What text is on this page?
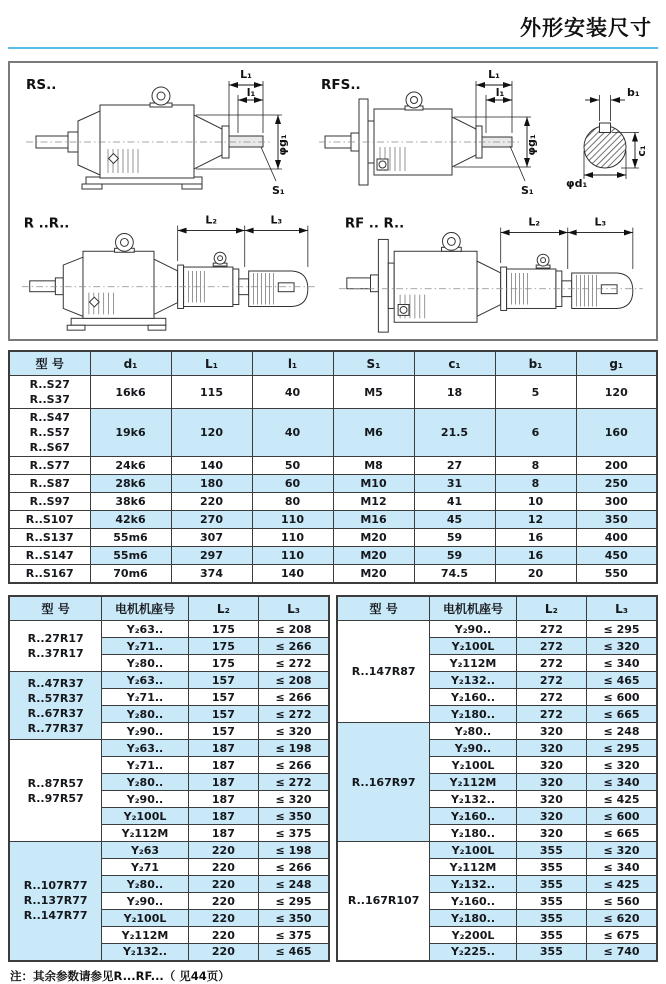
外形安装尺寸
RS..
L₁
l₁
φg₁
S₁
RFS..
L₁
l₁
φg₁
S₁
b₁
c₁
φd₁
R ..R..	L₂	L₃	RF .. R..	L₂	L₃
型 号	d₁	L₁	l₁	S₁	c₁	b₁	g₁

R..S27
R..S37	16k6	115	40	M5	18	5	120

R..S47
R..S57
R..S67	19k6	120	40	M6	21.5	6	160

R..S77	24k6	140	50	M8	27	8	200

R..S87	28k6	180	60	M10	31	8	250

R..S97	38k6	220	80	M12	41	10	300

R..S107	42k6	270	110	M16	45	12	350

R..S137	55m6	307	110	M20	59	16	400

R..S147	55m6	297	110	M20	59	16	450

R..S167	70m6	374	140	M20	74.5	20	550
型 号	电机机座号	L₂	L₃

R..27R17
R..37R17	Y₂63..	175	≤ 208
	Y₂71..	175	≤ 266
	Y₂80..	175	≤ 272

R..47R37
R..57R37
R..67R37
R..77R37	Y₂63..	157	≤ 208
	Y₂71..	157	≤ 266
	Y₂80..	157	≤ 272
	Y₂90..	157	≤ 320

R..87R57
R..97R57	Y₂63..	187	≤ 198
	Y₂71..	187	≤ 266
	Y₂80..	187	≤ 272
	Y₂90..	187	≤ 320
	Y₂100L	187	≤ 350
	Y₂112M	187	≤ 375

R..107R77
R..137R77
R..147R77	Y₂63	220	≤ 198
	Y₂71	220	≤ 266
	Y₂80..	220	≤ 248
	Y₂90..	220	≤ 295
	Y₂100L	220	≤ 350
	Y₂112M	220	≤ 375
	Y₂132..	220	≤ 465
型 号	电机机座号	L₂	L₃

R..147R87	Y₂90..	272	≤ 295
	Y₂100L	272	≤ 320
	Y₂112M	272	≤ 340
	Y₂132..	272	≤ 465
	Y₂160..	272	≤ 600
	Y₂180..	272	≤ 665

R..167R97	Y₂80..	320	≤ 248
	Y₂90..	320	≤ 295
	Y₂100L	320	≤ 320
	Y₂112M	320	≤ 340
	Y₂132..	320	≤ 425
	Y₂160..	320	≤ 600
	Y₂180..	320	≤ 665

R..167R107	Y₂100L	355	≤ 320
	Y₂112M	355	≤ 340
	Y₂132..	355	≤ 425
	Y₂160..	355	≤ 560
	Y₂180..	355	≤ 620
	Y₂200L	355	≤ 675
	Y₂225..	355	≤ 740
注：其余参数请参见R...RF...（ 见44页）
